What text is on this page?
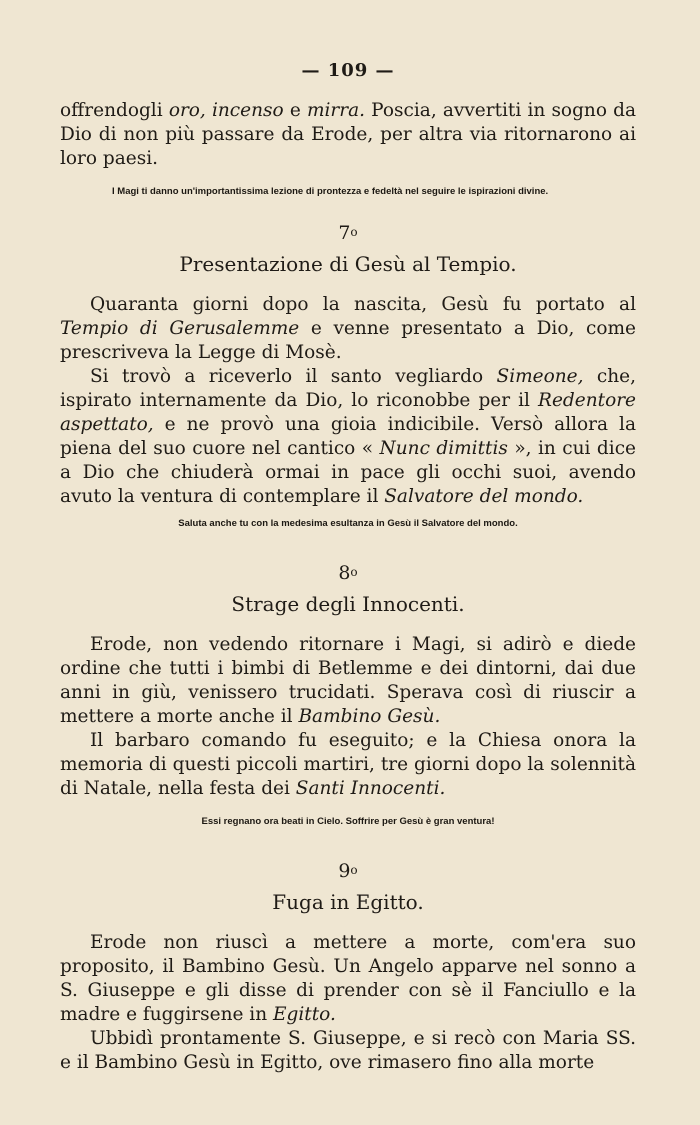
— 109 —

offrendogli oro, incenso e mirra. Poscia, avvertiti in sogno da Dio di non più passare da Erode, per altra via ritornarono ai loro paesi.

I Magi ti danno un'importantissima lezione di prontezza e fedeltà nel seguire le ispirazioni divine.
7$^o$
Presentazione di Gesù al Tempio.

Quaranta giorni dopo la nascita, Gesù fu portato al Tempio di Gerusalemme e venne presentato a Dio, come prescriveva la Legge di Mosè.

Si trovò a riceverlo il santo vegliardo Simeone, che, ispirato internamente da Dio, lo riconobbe per il Redentore aspettato, e ne provò una gioia indicibile. Versò allora la piena del suo cuore nel cantico « Nunc dimittis », in cui dice a Dio che chiuderà ormai in pace gli occhi suoi, avendo avuto la ventura di contemplare il Salvatore del mondo.

Saluta anche tu con la medesima esultanza in Gesù il Salvatore del mondo.
8$^o$
Strage degli Innocenti.

Erode, non vedendo ritornare i Magi, si adirò e diede ordine che tutti i bimbi di Betlemme e dei dintorni, dai due anni in giù, venissero trucidati. Sperava così di riuscir a mettere a morte anche il Bambino Gesù.

Il barbaro comando fu eseguito; e la Chiesa onora la memoria di questi piccoli martiri, tre giorni dopo la solennità di Natale, nella festa dei Santi Innocenti.

Essi regnano ora beati in Cielo. Soffrire per Gesù è gran ventura!
9$^o$
Fuga in Egitto.

Erode non riuscì a mettere a morte, com'era suo proposito, il Bambino Gesù. Un Angelo apparve nel sonno a S. Giuseppe e gli disse di prender con sè il Fanciullo e la madre e fuggirsene in Egitto.

Ubbidì prontamente S. Giuseppe, e si recò con Maria SS. e il Bambino Gesù in Egitto, ove rimasero fino alla morte
